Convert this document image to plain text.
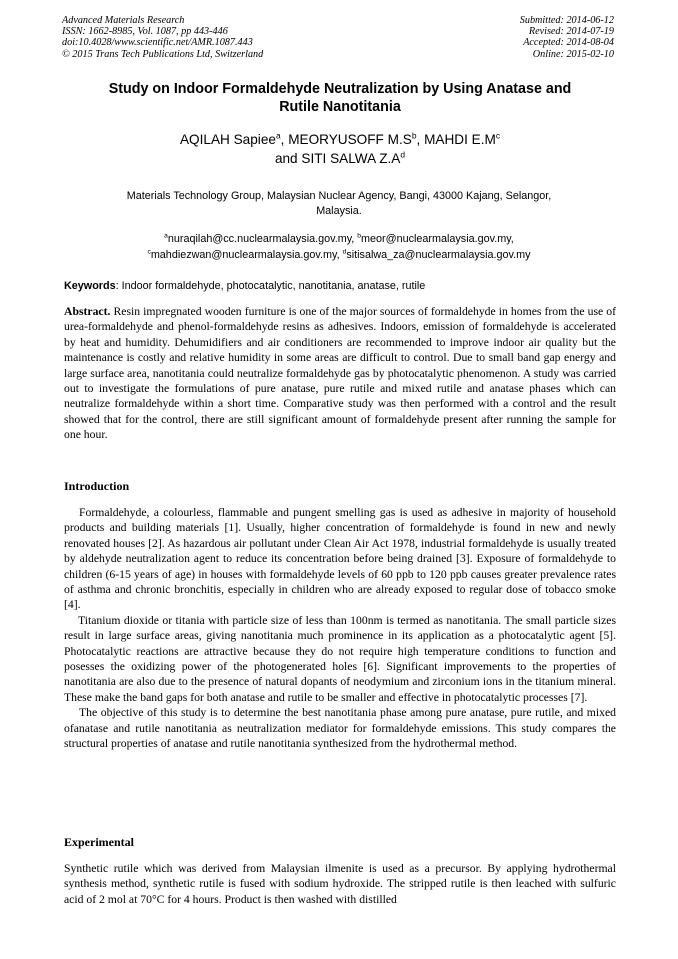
Advanced Materials Research
ISSN: 1662-8985, Vol. 1087, pp 443-446
doi:10.4028/www.scientific.net/AMR.1087.443
© 2015 Trans Tech Publications Ltd, Switzerland
Submitted: 2014-06-12
Revised: 2014-07-19
Accepted: 2014-08-04
Online: 2015-02-10
Study on Indoor Formaldehyde Neutralization by Using Anatase and
Rutile Nanotitania
AQILAH Sapiee$^a$, MEORYUSOFF $M.S^b$, MAHDI $E.M^c$
and SITI SALWA $Z.A^d$
Materials Technology Group, Malaysian Nuclear Agency, Bangi, 43000 Kajang, Selangor,
Malaysia.
$^a$nuraqilah@cc.nuclearmalaysia.gov.my, $^b$meor@nuclearmalaysia.gov.my,
$^c$mahdiezwan@nuclearmalaysia.gov.my, $^d$sitisalwa_za@nuclearmalaysia.gov.my
Keywords: Indoor formaldehyde, photocatalytic, nanotitania, anatase, rutile
Abstract. Resin impregnated wooden furniture is one of the major sources of formaldehyde in homes from the use of urea-formaldehyde and phenol-formaldehyde resins as adhesives. Indoors, emission of formaldehyde is accelerated by heat and humidity. Dehumidifiers and air conditioners are recommended to improve indoor air quality but the maintenance is costly and relative humidity in some areas are difficult to control. Due to small band gap energy and large surface area, nanotitania could neutralize formaldehyde gas by photocatalytic phenomenon. A study was carried out to investigate the formulations of pure anatase, pure rutile and mixed rutile and anatase phases which can neutralize formaldehyde within a short time. Comparative study was then performed with a control and the result showed that for the control, there are still significant amount of formaldehyde present after running the sample for one hour.
Introduction

Formaldehyde, a colourless, flammable and pungent smelling gas is used as adhesive in majority of household products and building materials [1]. Usually, higher concentration of formaldehyde is found in new and newly renovated houses [2]. As hazardous air pollutant under Clean Air Act 1978, industrial formaldehyde is usually treated by aldehyde neutralization agent to reduce its concentration before being drained [3]. Exposure of formaldehyde to children (6-15 years of age) in houses with formaldehyde levels of 60 ppb to 120 ppb causes greater prevalence rates of asthma and chronic bronchitis, especially in children who are already exposed to regular dose of tobacco smoke [4].

Titanium dioxide or titania with particle size of less than 100nm is termed as nanotitania. The small particle sizes result in large surface areas, giving nanotitania much prominence in its application as a photocatalytic agent [5]. Photocatalytic reactions are attractive because they do not require high temperature conditions to function and posesses the oxidizing power of the photogenerated holes [6]. Significant improvements to the properties of nanotitania are also due to the presence of natural dopants of neodymium and zirconium ions in the titanium mineral. These make the band gaps for both anatase and rutile to be smaller and effective in photocatalytic processes [7].

The objective of this study is to determine the best nanotitania phase among pure anatase, pure rutile, and mixed ofanatase and rutile nanotitania as neutralization mediator for formaldehyde emissions. This study compares the structural properties of anatase and rutile nanotitania synthesized from the hydrothermal method.

Experimental

Synthetic rutile which was derived from Malaysian ilmenite is used as a precursor. By applying hydrothermal synthesis method, synthetic rutile is fused with sodium hydroxide. The stripped rutile is then leached with sulfuric acid of 2 mol at 70°C for 4 hours. Product is then washed with distilled
